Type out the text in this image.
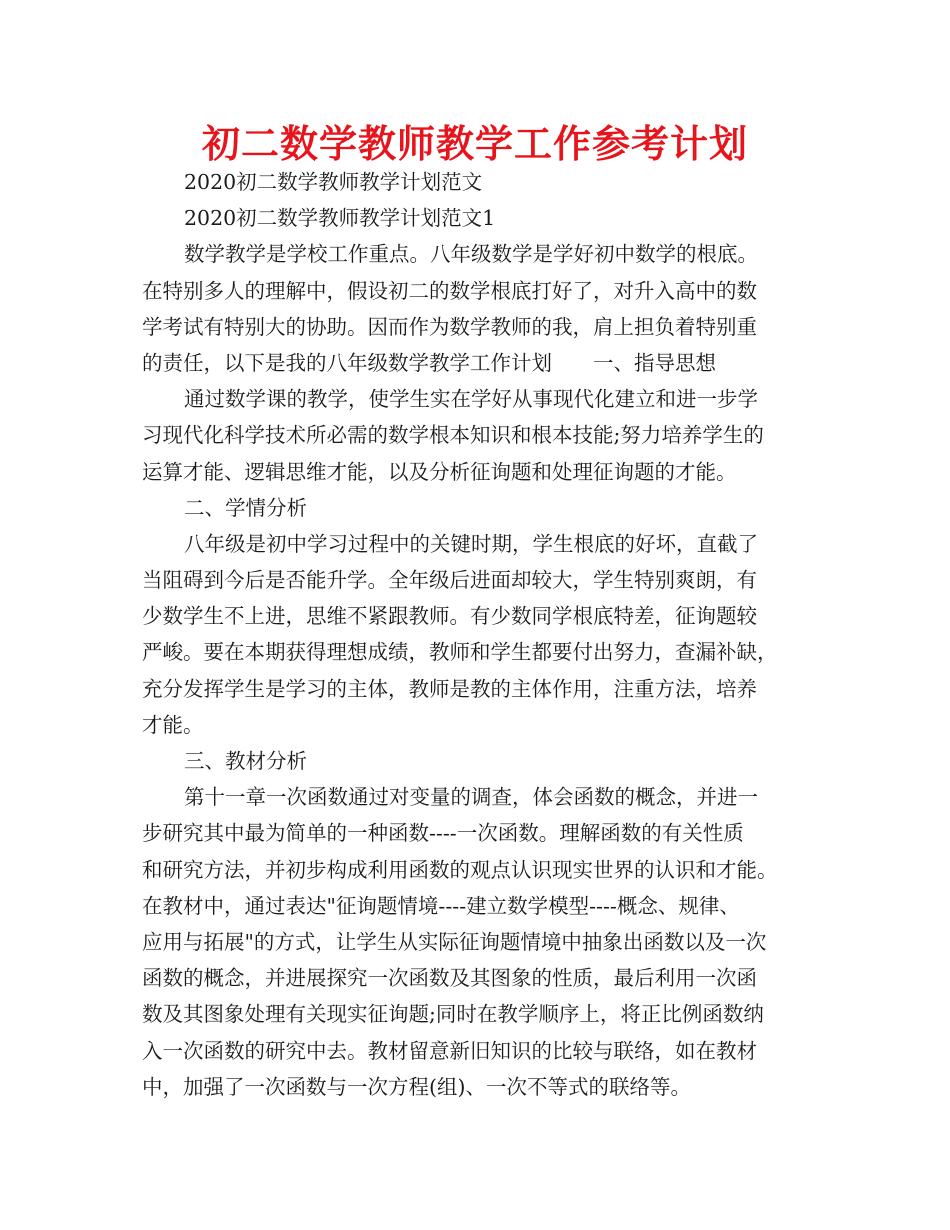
初二数学教师教学工作参考计划
2020初二数学教师教学计划范文
2020初二数学教师教学计划范文1
数学教学是学校工作重点。八年级数学是学好初中数学的根底。
在特别多人的理解中，假设初二的数学根底打好了，对升入高中的数
学考试有特别大的协助。因而作为数学教师的我，肩上担负着特别重
的责任，以下是我的八年级数学教学工作计划　　一、指导思想
通过数学课的教学，使学生实在学好从事现代化建立和进一步学
习现代化科学技术所必需的数学根本知识和根本技能;努力培养学生的
运算才能、逻辑思维才能，以及分析征询题和处理征询题的才能。
二、学情分析
八年级是初中学习过程中的关键时期，学生根底的好坏，直截了
当阻碍到今后是否能升学。全年级后进面却较大，学生特别爽朗，有
少数学生不上进，思维不紧跟教师。有少数同学根底特差，征询题较
严峻。要在本期获得理想成绩，教师和学生都要付出努力，查漏补缺，
充分发挥学生是学习的主体，教师是教的主体作用，注重方法，培养
才能。
三、教材分析
第十一章一次函数通过对变量的调查，体会函数的概念，并进一
步研究其中最为简单的一种函数----一次函数。理解函数的有关性质
和研究方法，并初步构成利用函数的观点认识现实世界的认识和才能。
在教材中，通过表达"征询题情境----建立数学模型----概念、规律、
应用与拓展"的方式，让学生从实际征询题情境中抽象出函数以及一次
函数的概念，并进展探究一次函数及其图象的性质，最后利用一次函
数及其图象处理有关现实征询题;同时在教学顺序上，将正比例函数纳
入一次函数的研究中去。教材留意新旧知识的比较与联络，如在教材
中，加强了一次函数与一次方程(组)、一次不等式的联络等。
